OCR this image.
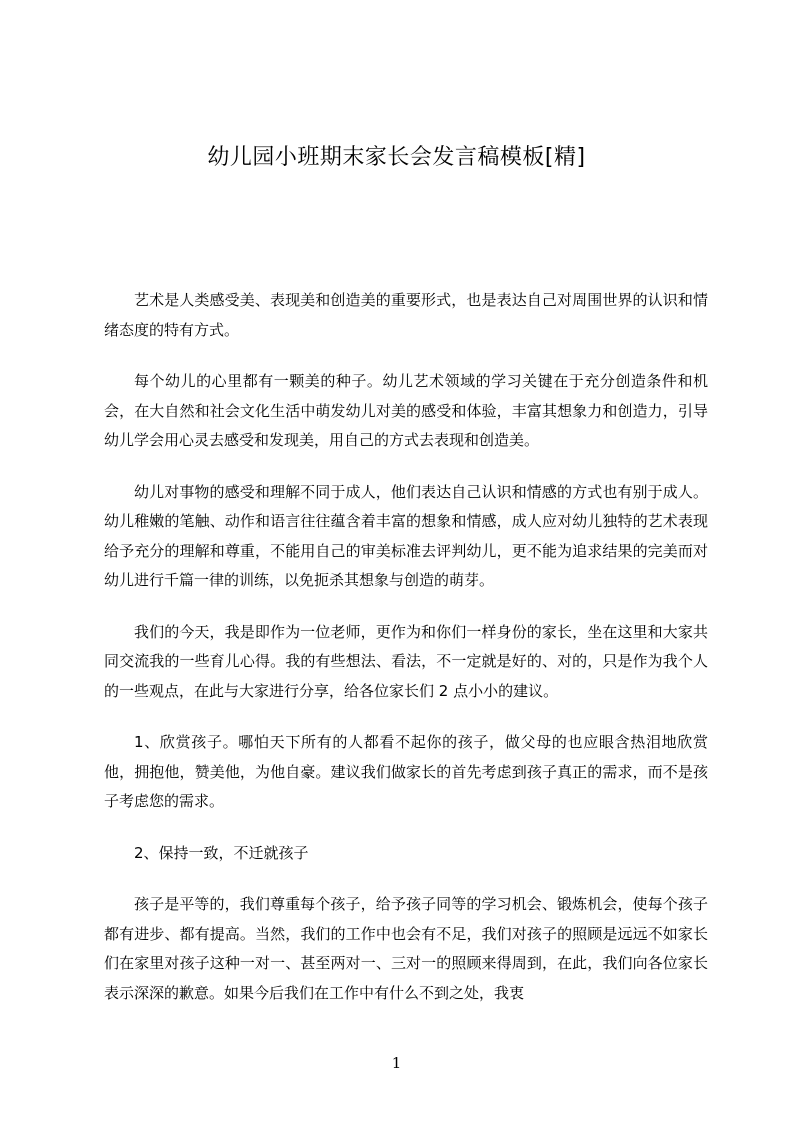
幼儿园小班期末家长会发言稿模板[精]

艺术是人类感受美、表现美和创造美的重要形式，也是表达自己对周围世界的认识和情绪态度的特有方式。

每个幼儿的心里都有一颗美的种子。幼儿艺术领域的学习关键在于充分创造条件和机会，在大自然和社会文化生活中萌发幼儿对美的感受和体验，丰富其想象力和创造力，引导幼儿学会用心灵去感受和发现美，用自己的方式去表现和创造美。

幼儿对事物的感受和理解不同于成人，他们表达自己认识和情感的方式也有别于成人。幼儿稚嫩的笔触、动作和语言往往蕴含着丰富的想象和情感，成人应对幼儿独特的艺术表现给予充分的理解和尊重，不能用自己的审美标准去评判幼儿，更不能为追求结果的完美而对幼儿进行千篇一律的训练，以免扼杀其想象与创造的萌芽。

我们的今天，我是即作为一位老师，更作为和你们一样身份的家长，坐在这里和大家共同交流我的一些育儿心得。我的有些想法、看法，不一定就是好的、对的，只是作为我个人的一些观点，在此与大家进行分享，给各位家长们 2 点小小的建议。

1、欣赏孩子。哪怕天下所有的人都看不起你的孩子，做父母的也应眼含热泪地欣赏他，拥抱他，赞美他，为他自豪。建议我们做家长的首先考虑到孩子真正的需求，而不是孩子考虑您的需求。

2、保持一致，不迁就孩子

孩子是平等的，我们尊重每个孩子，给予孩子同等的学习机会、锻炼机会，使每个孩子都有进步、都有提高。当然，我们的工作中也会有不足，我们对孩子的照顾是远远不如家长们在家里对孩子这种一对一、甚至两对一、三对一的照顾来得周到，在此，我们向各位家长表示深深的歉意。如果今后我们在工作中有什么不到之处，我衷

1
